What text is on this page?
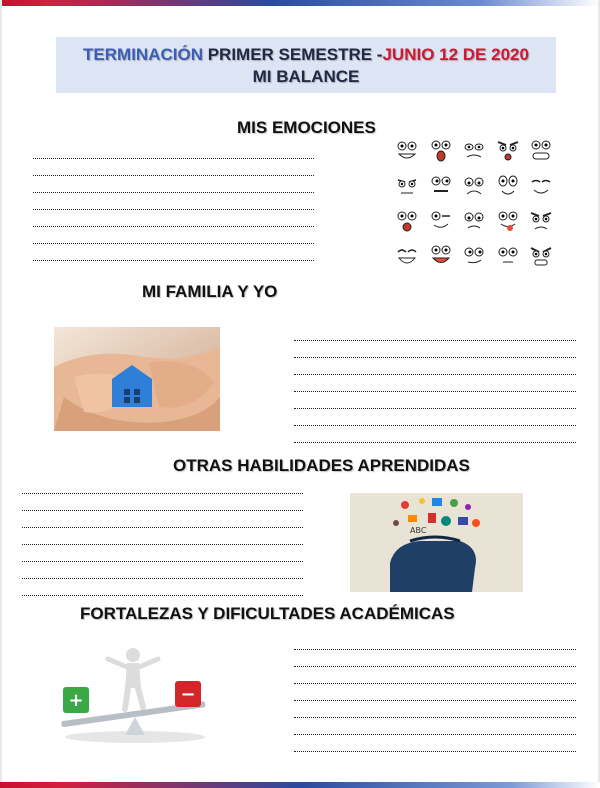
TERMINACIÓN PRIMER SEMESTRE -JUNIO 12 DE 2020
MI BALANCE
MIS EMOCIONES
MI FAMILIA Y YO
OTRAS HABILIDADES APRENDIDAS
ABC
FORTALEZAS Y DIFICULTADES ACADÉMICAS
+	−
